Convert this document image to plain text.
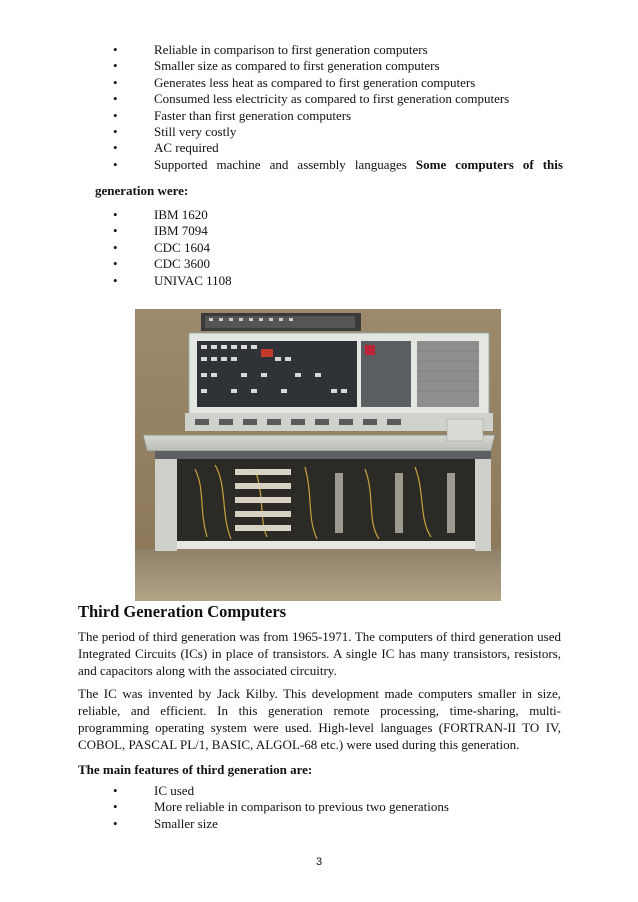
•	Reliable in comparison to first generation computers
•	Smaller size as compared to first generation computers
•	Generates less heat as compared to first generation computers
•	Consumed less electricity as compared to first generation computers
•	Faster than first generation computers
•	Still very costly
•	AC required
•	Supported machine and assembly languages Some computers of this
generation were:
•	IBM 1620
•	IBM 7094
•	CDC 1604
•	CDC 3600
•	UNIVAC 1108
Third Generation Computers

The period of third generation was from 1965-1971. The computers of third generation used Integrated Circuits (ICs) in place of transistors. A single IC has many transistors, resistors, and capacitors along with the associated circuitry.

The IC was invented by Jack Kilby. This development made computers smaller in size, reliable, and efficient. In this generation remote processing, time-sharing, multi-programming operating system were used. High-level languages (FORTRAN-II TO IV, COBOL, PASCAL PL/1, BASIC, ALGOL-68 etc.) were used during this generation.

The main features of third generation are:
•	IC used
•	More reliable in comparison to previous two generations
•	Smaller size
3
